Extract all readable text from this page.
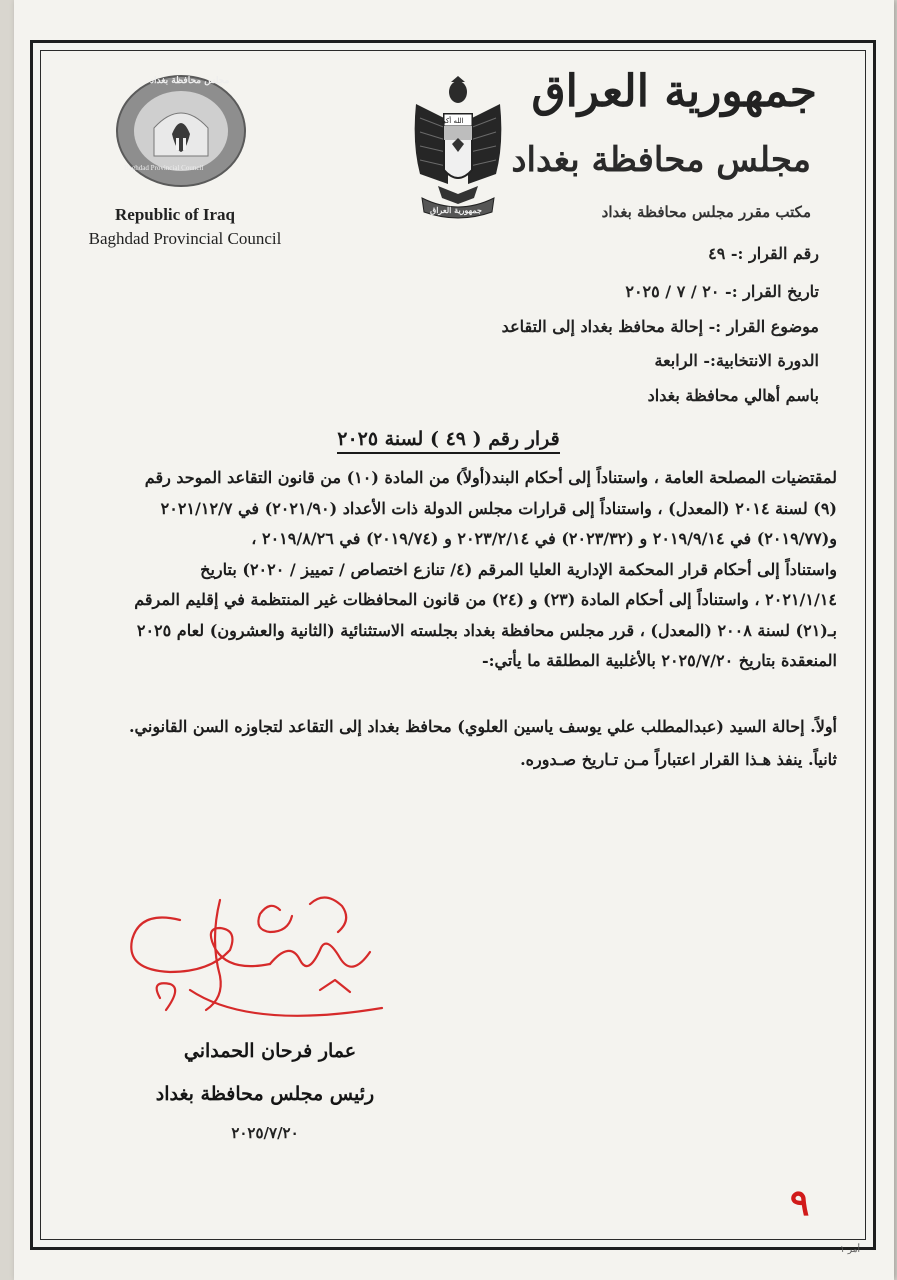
مجلس محافظة بغداد
Baghdad Provincial Council
الله أكبر
جمهورية العراق
جمهورية العراق
مجلس محافظة بغداد
مكتب مقرر مجلس محافظة بغداد
Republic of Iraq
Baghdad Provincial Council
رقم القرار :- ٤٩
تاريخ القرار :- ٢٠ / ٧ / ٢٠٢٥
موضوع القرار :- إحالة محافظ بغداد إلى التقاعد
الدورة الانتخابية:- الرابعة
باسم أهالي محافظة بغداد
قرار رقم ( ٤٩ ) لسنة ٢٠٢٥

لمقتضيات المصلحة العامة ، واستناداً إلى أحكام البند(أولاً) من المادة (١٠) من قانون التقاعد الموحد رقم

(٩) لسنة ٢٠١٤ (المعدل) ، واستناداً إلى قرارات مجلس الدولة ذات الأعداد (٢٠٢١/٩٠) في ٢٠٢١/١٢/٧

و(٢٠١٩/٧٧) في ٢٠١٩/٩/١٤ و (٢٠٢٣/٣٢) في ٢٠٢٣/٢/١٤ و (٢٠١٩/٧٤) في ٢٠١٩/٨/٢٦ ،

واستناداً إلى أحكام قرار المحكمة الإدارية العليا المرقم (٤/ تنازع اختصاص / تمييز / ٢٠٢٠) بتاريخ

٢٠٢١/١/١٤ ، واستناداً إلى أحكام المادة (٢٣) و (٢٤) من قانون المحافظات غير المنتظمة في إقليم المرقم

بـ(٢١) لسنة ٢٠٠٨ (المعدل) ، قرر مجلس محافظة بغداد بجلسته الاستثنائية (الثانية والعشرون) لعام ٢٠٢٥

المنعقدة بتاريخ ٢٠٢٥/٧/٢٠ بالأغلبية المطلقة ما يأتي:-

أولاً. إحالة السيد (عبدالمطلب علي يوسف ياسين العلوي) محافظ بغداد إلى التقاعد لتجاوزه السن القانوني.
ثانياً. ينفذ هـذا القرار اعتباراً مـن تـاريخ صـدوره.
عمار فرحان الحمداني
رئيس مجلس محافظة بغداد
٢٠٢٥/٧/٢٠
٩
أمر ١
